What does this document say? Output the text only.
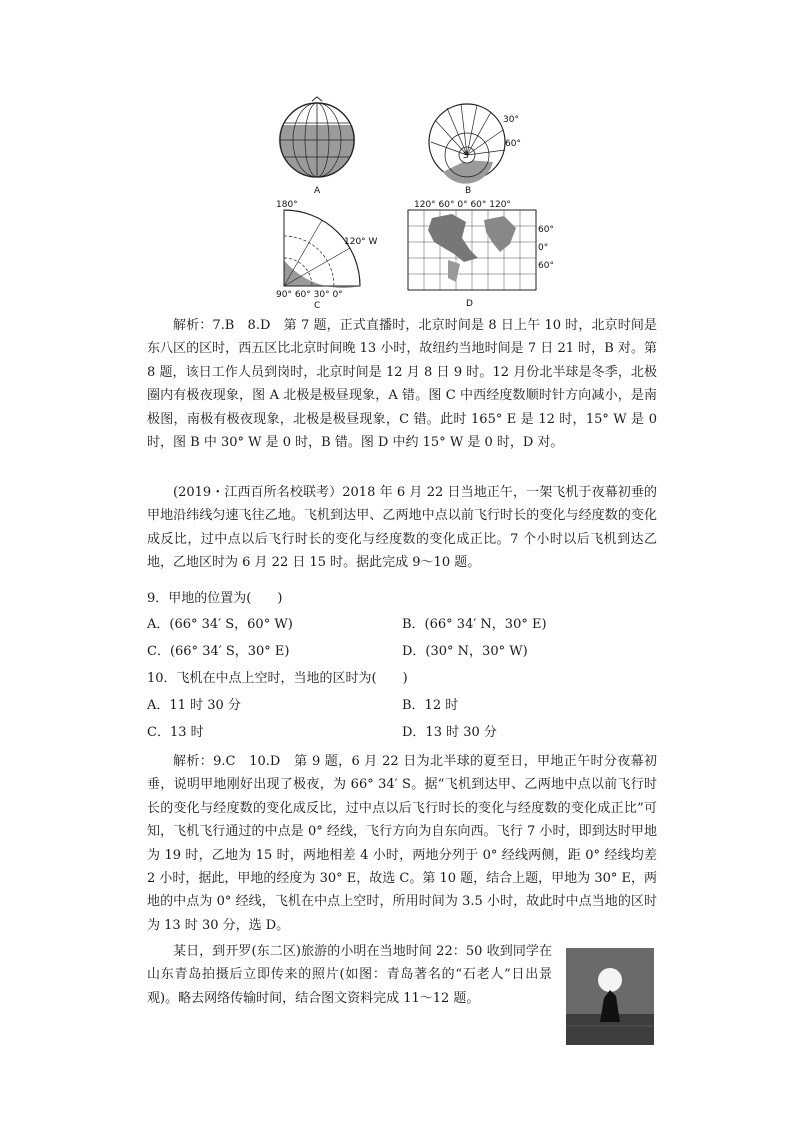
A
S
30°
60°
B
180°
120° W
90° 60° 30° 0°
C
120° 60° 0° 60° 120°
60°
0°
60°
D
解析：7.B　8.D　第 7 题，正式直播时，北京时间是 8 日上午 10 时，北京时间是东八区的区时，西五区比北京时间晚 13 小时，故纽约当地时间是 7 日 21 时，B 对。第 8 题，该日工作人员到岗时，北京时间是 12 月 8 日 9 时。12 月份北半球是冬季，北极圈内有极夜现象，图 A 北极是极昼现象，A 错。图 C 中西经度数顺时针方向减小，是南极图，南极有极夜现象，北极是极昼现象，C 错。此时 165° E 是 12 时，15° W 是 0 时，图 B 中 30° W 是 0 时，B 错。图 D 中约 15° W 是 0 时，D 对。
(2019・江西百所名校联考）2018 年 6 月 22 日当地正午，一架飞机于夜幕初垂的甲地沿纬线匀速飞往乙地。飞机到达甲、乙两地中点以前飞行时长的变化与经度数的变化成反比，过中点以后飞行时长的变化与经度数的变化成正比。7 个小时以后飞机到达乙地，乙地区时为 6 月 22 日 15 时。据此完成 9～10 题。
9．甲地的位置为(　　)
A．(66° 34′ S，60° W)	B．(66° 34′ N，30° E)
C．(66° 34′ S，30° E)	D．(30° N，30° W)
10．飞机在中点上空时，当地的区时为(　　)
A．11 时 30 分	B．12 时
C．13 时	D．13 时 30 分
解析：9.C　10.D　第 9 题，6 月 22 日为北半球的夏至日，甲地正午时分夜幕初垂，说明甲地刚好出现了极夜，为 66° 34′ S。据“飞机到达甲、乙两地中点以前飞行时长的变化与经度数的变化成反比，过中点以后飞行时长的变化与经度数的变化成正比”可知，飞机飞行通过的中点是 0° 经线，飞行方向为自东向西。飞行 7 小时，即到达时甲地为 19 时，乙地为 15 时，两地相差 4 小时，两地分列于 0° 经线两侧，距 0° 经线均差 2 小时，据此，甲地的经度为 30° E，故选 C。第 10 题，结合上题，甲地为 30° E，两地的中点为 0° 经线，飞机在中点上空时，所用时间为 3.5 小时，故此时中点当地的区时为 13 时 30 分，选 D。
某日，到开罗(东二区)旅游的小明在当地时间 22：50 收到同学在山东青岛拍摄后立即传来的照片(如图：青岛著名的“石老人”日出景观)。略去网络传输时间，结合图文资料完成 11～12 题。
